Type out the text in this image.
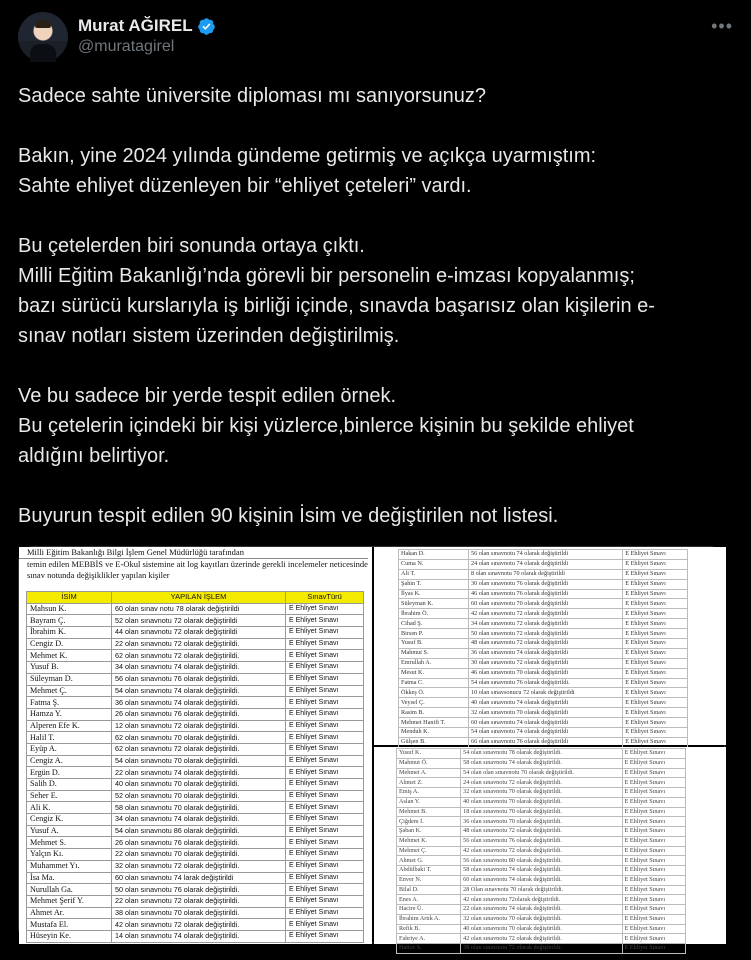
Murat AĞIREL
@muratagirel
•••

Sadece sahte üniversite diploması mı sanıyorsunuz?

Bakın, yine 2024 yılında gündeme getirmiş ve açıkça uyarmıştım:

Sahte ehliyet düzenleyen bir “ehliyet çeteleri” vardı.

Bu çetelerden biri sonunda ortaya çıktı.

Milli Eğitim Bakanlığı’nda görevli bir personelin e-imzası kopyalanmış;

bazı sürücü kurslarıyla iş birliği içinde, sınavda başarısız olan kişilerin e-

sınav notları sistem üzerinden değiştirilmiş.

Ve bu sadece bir yerde tespit edilen örnek.

Bu çetelerin içindeki bir kişi yüzlerce,binlerce kişinin bu şekilde ehliyet

aldığını belirtiyor.

Buyurun tespit edilen 90 kişinin İsim ve değiştirilen not listesi.

Milli Eğitim Bakanlığı Bilgi İşlem Genel Müdürlüğü tarafından
temin edilen MEBBİS ve E-Okul sistemine ait log kayıtları üzerinde gerekli incelemeler neticesinde
sınav notunda değişiklikler yapılan kişiler
İSİM	YAPILAN İŞLEM	SınavTürü
Mahsun K.	60 olan sınav notu 78 olarak değiştirildi	E Ehliyet Sınavı
Bayram Ç.	52 olan sınavnotu 72 olarak değiştirildi	E Ehliyet Sınavı
İbrahim K.	44 olan sınavnotu 72 olarak değiştirildi	E Ehliyet Sınavı
Cengiz D.	22 olan sınavnotu 72 olarak değiştirildi.	E Ehliyet Sınavı
Mehmet K.	62 olan sınavnotu 72 olarak değiştirildi.	E Ehliyet Sınavı
Yusuf B.	34 olan sınavnotu 74 olarak değiştirildi.	E Ehliyet Sınavı
Süleyman D.	56 olan sınavnotu 76 olarak değiştirildi.	E Ehliyet Sınavı
Mehmet Ç.	54 olan sınavnotu 74 olarak değiştirildi.	E Ehliyet Sınavı
Fatma Ş.	36 olan sınavnotu 74 olarak değiştirildi.	E Ehliyet Sınavı
Hamza Y.	26 olan sınavnotu 76 olarak değiştirildi.	E Ehliyet Sınavı
Alperen Efe K.	12 olan sınavnotu 72 olarak değiştirildi.	E Ehliyet Sınavı
Halil T.	62 olan sınavnotu 70 olarak değiştirildi.	E Ehliyet Sınavı
Eyüp A.	62 olan sınavnotu 72 olarak değiştirildi.	E Ehliyet Sınavı
Cengiz A.	54 olan sınavnotu 70 olarak değiştirildi.	E Ehliyet Sınavı
Ergün D.	22 olan sınavnotu 74 olarak değiştirildi.	E Ehliyet Sınavı
Salih D.	40 olan sınavnotu 70 olarak değiştirildi.	E Ehliyet Sınavı
Seher E.	52 olan sınavnotu 70 olarak değiştirildi.	E Ehliyet Sınavı
Ali K.	58 olan sınavnotu 70 olarak değiştirildi.	E Ehliyet Sınavı
Cengiz K.	34 olan sınavnotu 74 olarak değiştirildi.	E Ehliyet Sınavı
Yusuf A.	54 olan sınavnotu 86 olarak değiştirildi.	E Ehliyet Sınavı
Mehmet S.	26 olan sınavnotu 76 olarak değiştirildi.	E Ehliyet Sınavı
Yalçın Kı.	22 olan sınavnotu 70 olarak değiştirildi.	E Ehliyet Sınavı
Muhammet Yı.	32 olan sınavnotu 72 olarak değiştirildi.	E Ehliyet Sınavı
İsa Ma.	60 olan sınavnotu 74 larak değiştirildi	E Ehliyet Sınavı
Nurullah Ga.	50 olan sınavnotu 76 olarak değiştirildi.	E Ehliyet Sınavı
Mehmet Şerif Y.	22 olan sınavnotu 72 olarak değiştirildi.	E Ehliyet Sınavı
Ahmet Ar.	38 olan sınavnotu 70 olarak değiştirildi.	E Ehliyet Sınavı
Mustafa El.	42 olan sınavnotu 72 olarak değiştirildi.	E Ehliyet Sınavı
Hüseyin Ke.	14 olan sınavnotu 74 olarak değiştirildi.	E Ehliyet Sınavı
Hakan D.	56 olan sınavnotu 74 olarak değiştirildi	E Ehliyet Sınavı
Cuma N.	24 olan sınavnotu 74 olarak değiştirildi	E Ehliyet Sınavı
Ali T.	8 olan sınavnotu 70 olarak değiştirildi	E Ehliyet Sınavı
Şahin T.	30 olan sınavnotu 76 olarak değiştirildi	E Ehliyet Sınavı
İlyas K.	46 olan sınavnotu 76 olarak değiştirildi	E Ehliyet Sınavı
Süleyman K.	60 olan sınavnotu 70 olarak değiştirildi	E Ehliyet Sınavı
İbrahim Ö.	42 olan sınavnotu 72 olarak değiştirildi	E Ehliyet Sınavı
Cihad Ş.	34 olan sınavnotu 72 olarak değiştirildi	E Ehliyet Sınavı
Birsen P.	50 olan sınavnotu 72 olarak değiştirildi	E Ehliyet Sınavı
Yusuf B.	48 olan sınavnotu 72 olarak değiştirildi	E Ehliyet Sınavı
Mahmut S.	36 olan sınavnotu 74 olarak değiştirildi	E Ehliyet Sınavı
Emrullah A.	30 olan sınavnotu 72 olarak değiştirildi	E Ehliyet Sınavı
Mesut K.	46 olan sınavnotu 70 olarak değiştirildi	E Ehliyet Sınavı
Fatma C.	54 olan sınavnotu 76 olarak değiştirildi.	E Ehliyet Sınavı
Ökkeş Ö.	10 olan sınavsonucu 72 olarak değiştirildi	E Ehliyet Sınavı
Veysel Ç.	40 olan sınavnotu 74 olarak değiştirildi	E Ehliyet Sınavı
Rasim B.	32 olan sınavnotu 70 olarak değiştirildi	E Ehliyet Sınavı
Mehmet Hanifi T.	60 olan sınavnotu 74 olarak değiştirildi	E Ehliyet Sınavı
Menduh K.	54 olan sınavnotu 74 olarak değiştirildi	E Ehliyet Sınavı
Gülşen B.	66 olan sınavnotu 76 olarak değiştirildi	E Ehliyet Sınavı
Yusuf K.	54 olan sınavnotu 78 olarak değiştirildi.	E Ehliyet Sınavı
Mahmut Ö.	58 olan sınavnotu 74 olarak değiştirildi.	E Ehliyet Sınavı
Mehmet A.	54 olan olan sınavnotu 70 olarak değiştirildi.	E Ehliyet Sınavı
Ahmet Z.	24 olan sınavnotu 72 olarak değiştirildi.	E Ehliyet Sınavı
Emiş A.	32 olan sınavnotu 70 olarak değiştirildi.	E Ehliyet Sınavı
Aslan Y.	40 olan sınavnotu 70 olarak değiştirildi.	E Ehliyet Sınavı
Mehmet B.	18 olan sınavnotu 70 olarak değiştirildi.	E Ehliyet Sınavı
Çiğdem İ.	36 olan sınavnotu 70 olarak değiştirildi.	E Ehliyet Sınavı
Şaban K.	48 olan sınavnotu 72 olarak değiştirildi.	E Ehliyet Sınavı
Mehmet K.	56 olan sınavnotu 76 olarak değiştirildi.	E Ehliyet Sınavı
Mehmet Ç.	42 olan sınavnotu 72 olarak değiştirildi.	E Ehliyet Sınavı
Ahmet G.	56 olan sınavnotu 80 olarak değiştirildi.	E Ehliyet Sınavı
Abdülbaki T.	58 olan sınavnotu 74 olarak değiştirildi.	E Ehliyet Sınavı
Enver N.	60 olan sınavnotu 74 olarak değiştirildi.	E Ehliyet Sınavı
Bilal D.	28 Olan sınavnotu 70 olarak değiştirildi.	E Ehliyet Sınavı
Enes A.	42 olan sınavnotu 72olarak değiştirildi.	E Ehliyet Sınavı
Hacire Ü.	22 olan sınavnotu 74 olarak değiştirildi.	E Ehliyet Sınavı
İbrahim Artık A.	32 olan sınavnotu 70 olarak değiştirildi.	E Ehliyet Sınavı
Refik B.	40 olan sınavnotu 70 olarak değiştirildi.	E Ehliyet Sınavı
Fahriye A.	42 olan sınavnotu 72 olarak değiştirildi.	E Ehliyet Sınavı
Hatice S.	38 olan sınavnotu 72 olarak değiştirildi.	E Ehliyet Sınavı
